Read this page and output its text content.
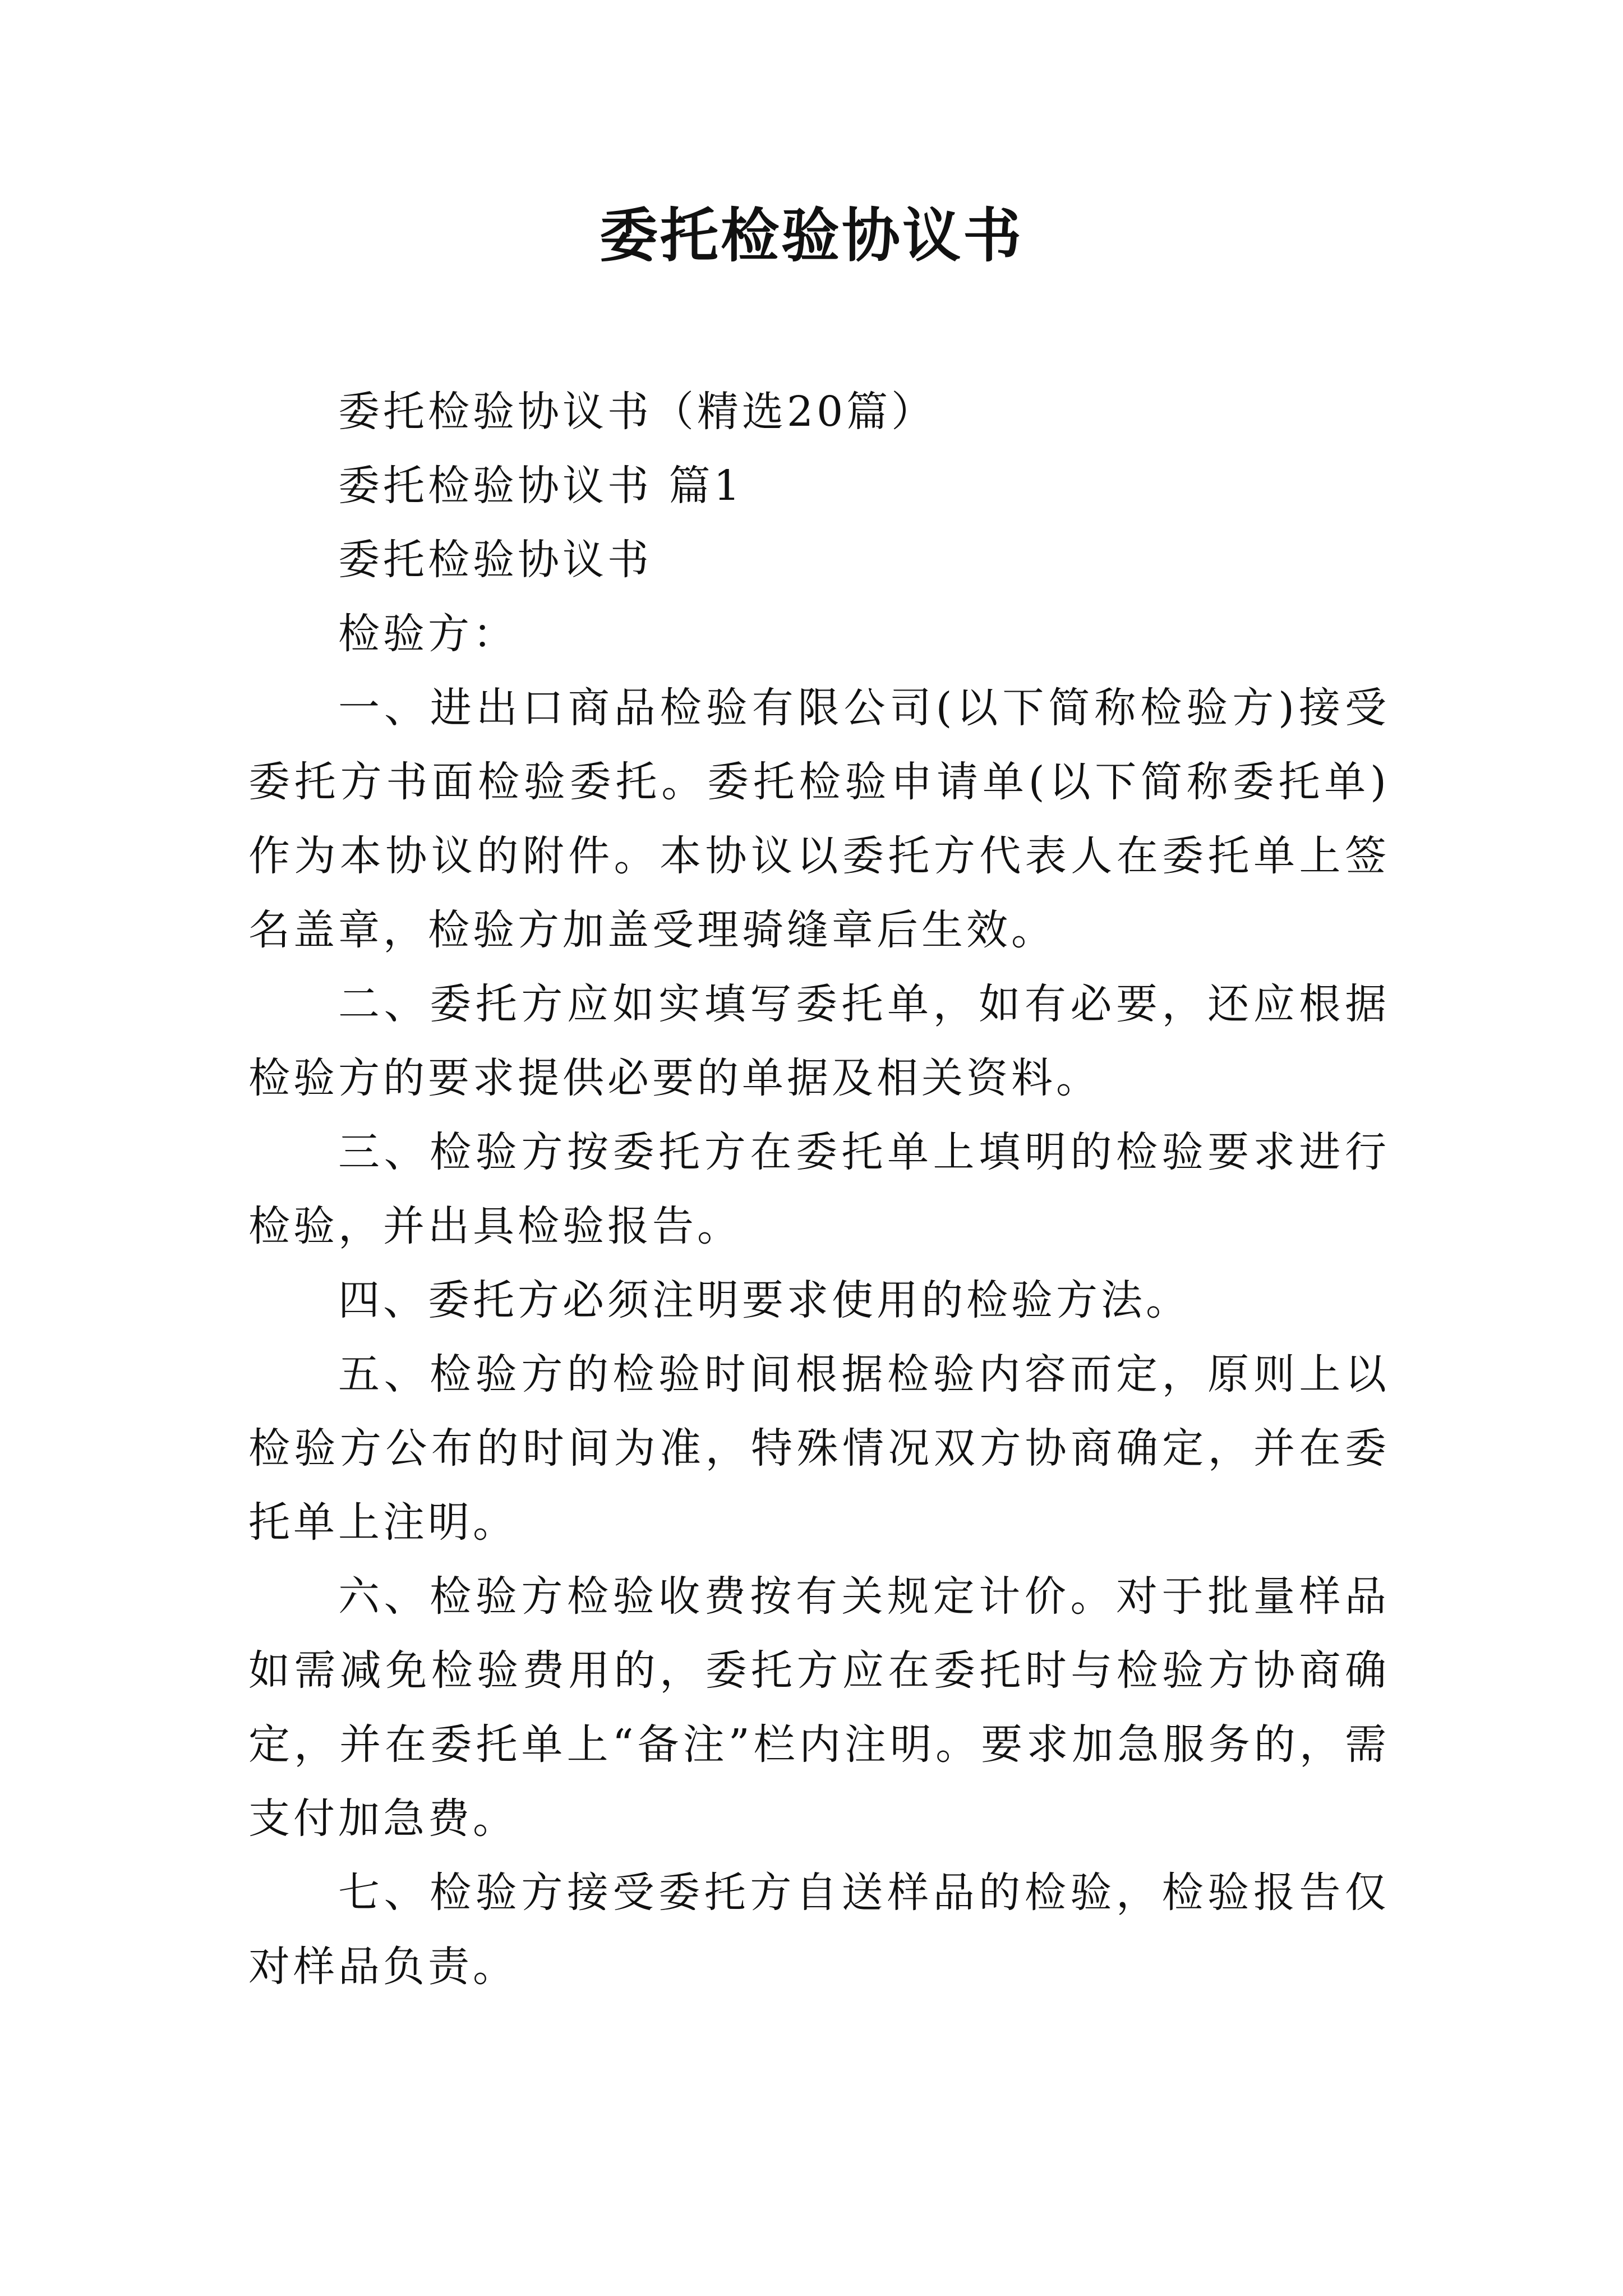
委托检验协议书

委托检验协议书（精选20篇）

委托检验协议书 篇1

委托检验协议书

检验方：

一、进出口商品检验有限公司(以下简称检验方)接受委托方书面检验委托。委托检验申请单(以下简称委托单)作为本协议的附件。本协议以委托方代表人在委托单上签名盖章，检验方加盖受理骑缝章后生效。

二、委托方应如实填写委托单，如有必要，还应根据检验方的要求提供必要的单据及相关资料。

三、检验方按委托方在委托单上填明的检验要求进行检验，并出具检验报告。

四、委托方必须注明要求使用的检验方法。

五、检验方的检验时间根据检验内容而定，原则上以检验方公布的时间为准，特殊情况双方协商确定，并在委托单上注明。

六、检验方检验收费按有关规定计价。对于批量样品如需减免检验费用的，委托方应在委托时与检验方协商确定，并在委托单上“备注”栏内注明。要求加急服务的，需支付加急费。

七、检验方接受委托方自送样品的检验，检验报告仅对样品负责。
